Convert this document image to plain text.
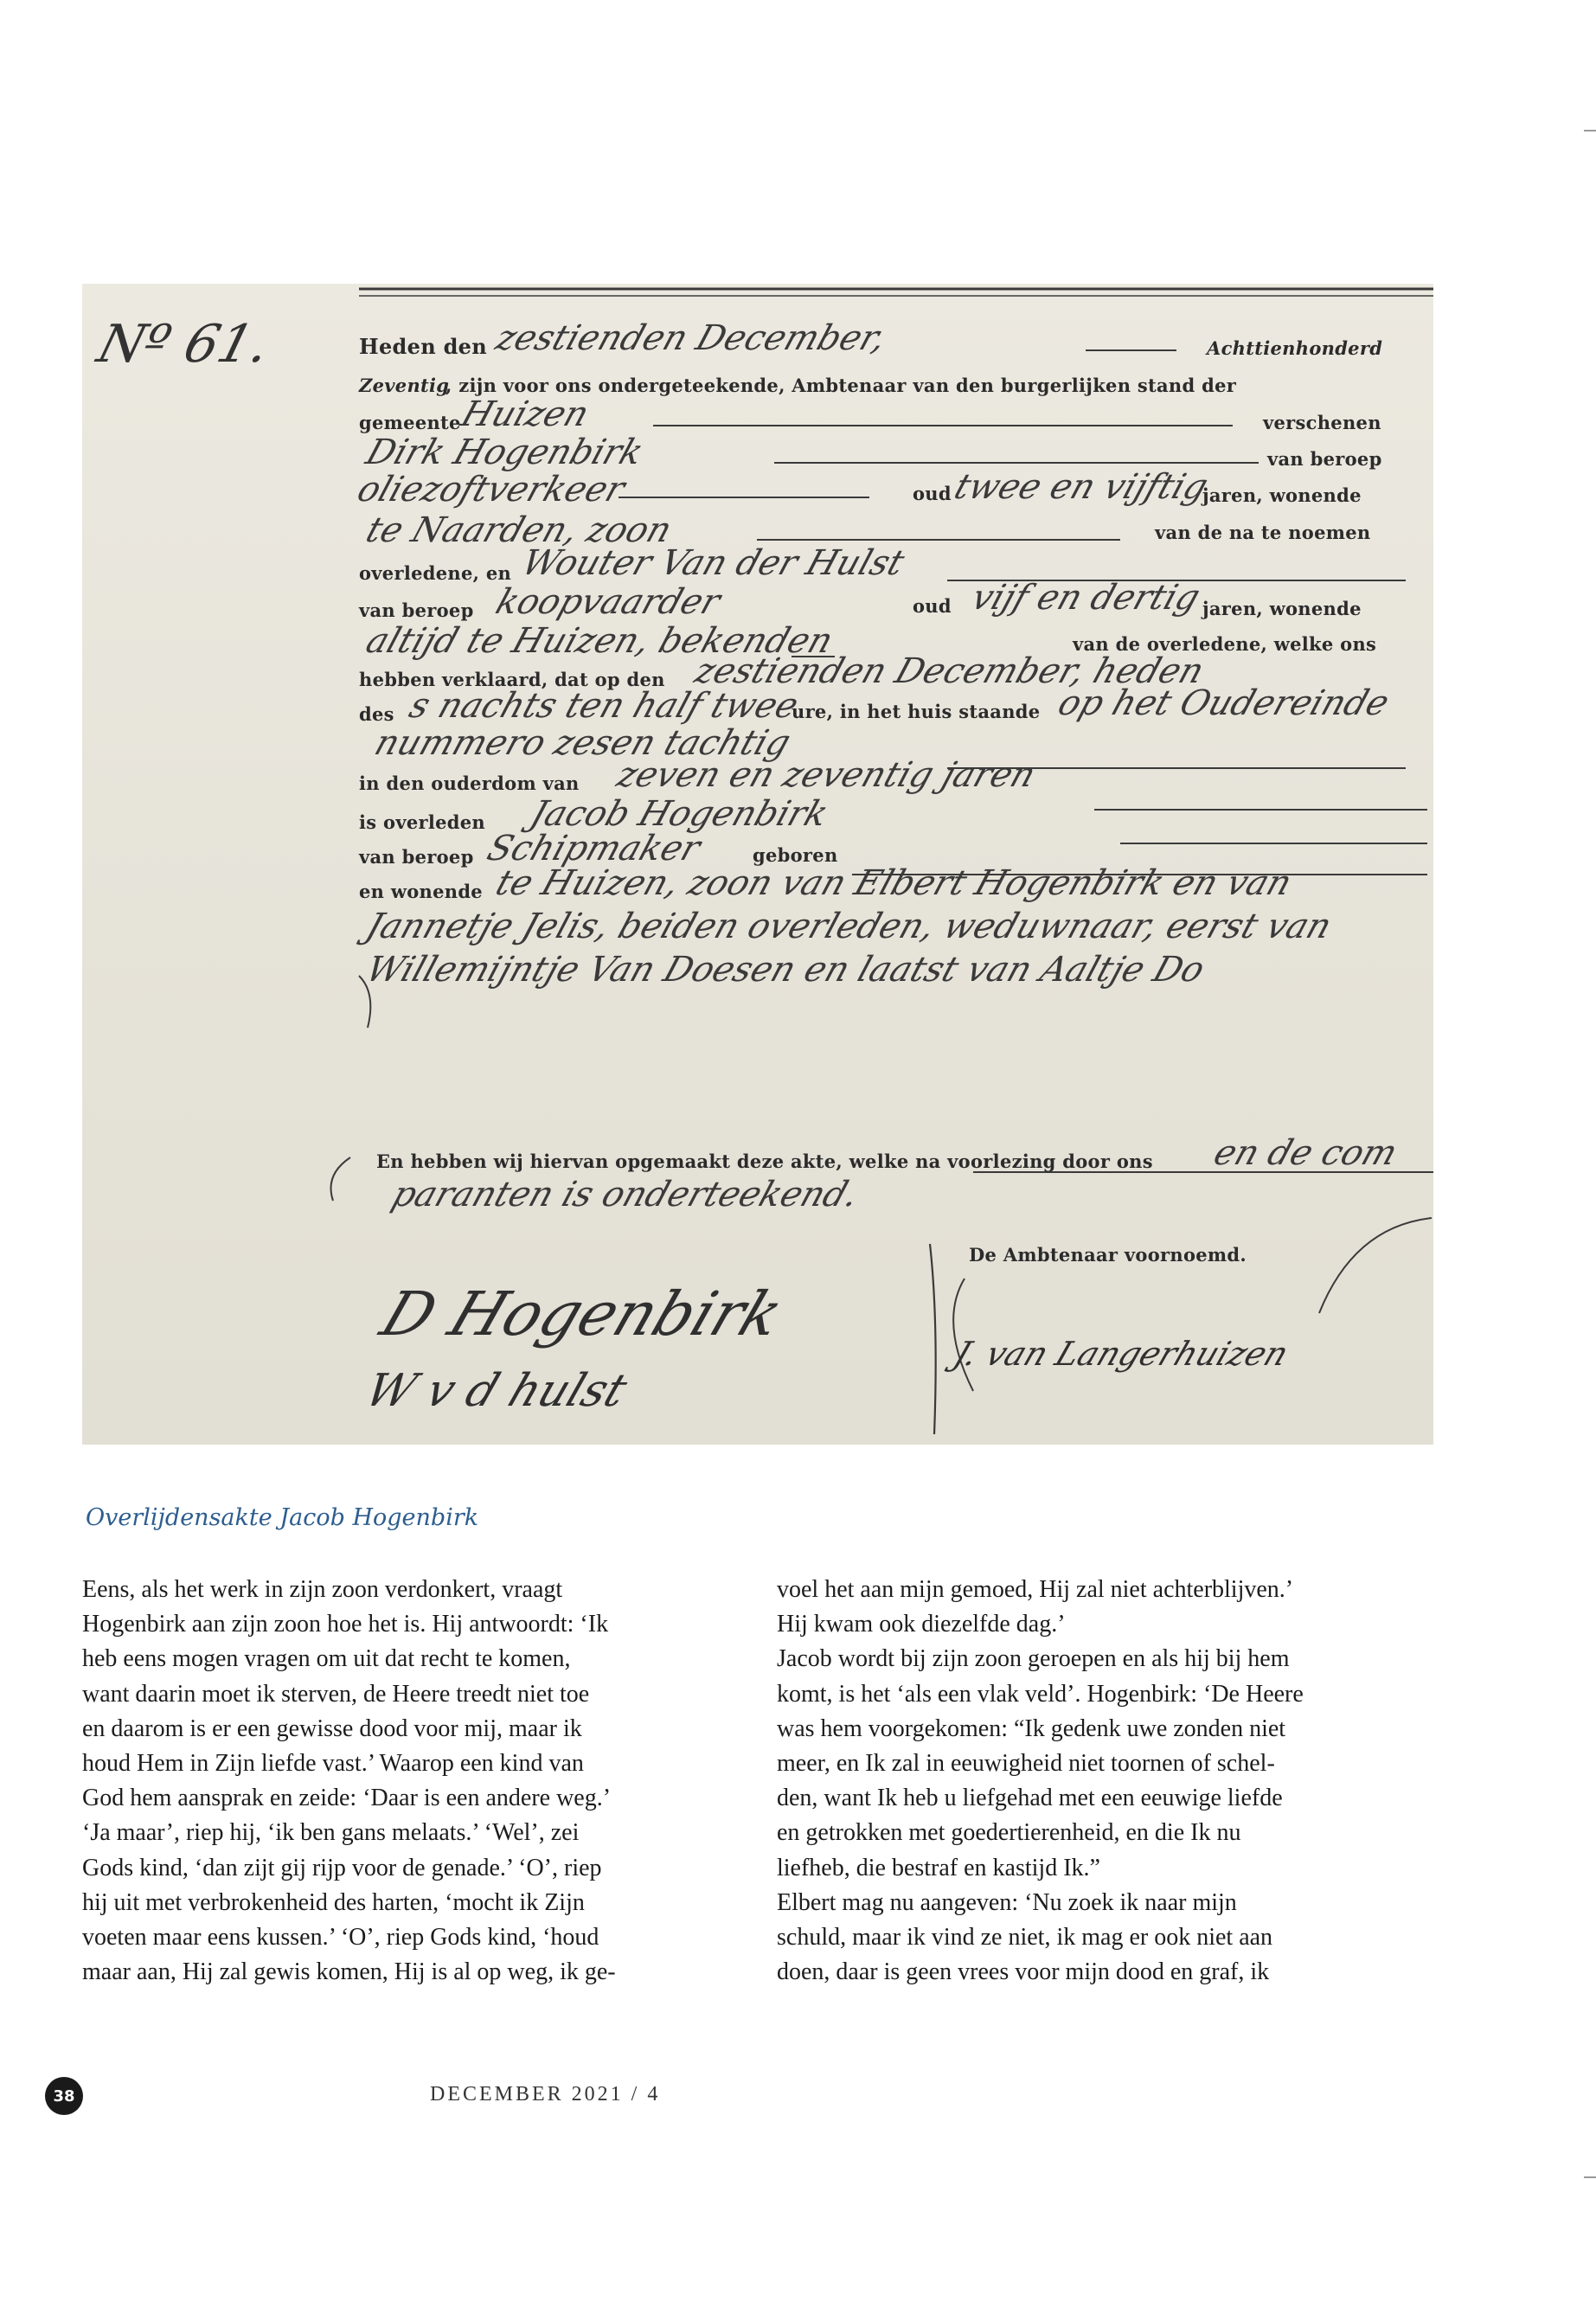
Nº 61.	Heden den zestienden December,	Achttienhonderd
Zeventig
, zijn voor ons ondergeteekende, Ambtenaar van den burgerlijken stand der
gemeente
Huizen	verschenen
Dirk Hogenbirk	van beroep
oliezoftverkeer	oud
twee en vijftig
jaren, wonende
te Naarden, zoon	van de na te noemen
overledene, en Wouter Van der Hulst
van beroep koopvaarder	oud vijf en dertig
jaren, wonende
altijd te Huizen, bekenden	van de overledene, welke ons
hebben verklaard, dat op den zestienden December, heden
des s nachts ten half twee
ure, in het huis staande op het Oudereinde
nummero zesen tachtig
in den ouderdom van zeven en zeventig jaren
is overleden Jacob Hogenbirk
van beroep Schipmaker	geboren
en wonende te Huizen, zoon van Elbert Hogenbirk en van
Jannetje Jelis, beiden overleden, weduwnaar, eerst van
Willemijntje Van Doesen en laatst van Aaltje Do
En hebben wij hiervan opgemaakt deze akte, welke na voorlezing door ons en de com
paranten is onderteekend.
De Ambtenaar voornoemd.
D Hogenbirk
W v d hulst
J. van Langerhuizen
Overlijdensakte Jacob Hogenbirk

Eens, als het werk in zijn zoon verdonkert, vraagt

Hogenbirk aan zijn zoon hoe het is. Hij antwoordt: ‘Ik

heb eens mogen vragen om uit dat recht te komen,

want daarin moet ik sterven, de Heere treedt niet toe

en daarom is er een gewisse dood voor mij, maar ik

houd Hem in Zijn liefde vast.’ Waarop een kind van

God hem aansprak en zeide: ‘Daar is een andere weg.’

‘Ja maar’, riep hij, ‘ik ben gans melaats.’ ‘Wel’, zei

Gods kind, ‘dan zijt gij rijp voor de genade.’ ‘O’, riep

hij uit met verbrokenheid des harten, ‘mocht ik Zijn

voeten maar eens kussen.’ ‘O’, riep Gods kind, ‘houd

maar aan, Hij zal gewis komen, Hij is al op weg, ik ge-

voel het aan mijn gemoed, Hij zal niet achterblijven.’

Hij kwam ook diezelfde dag.’

Jacob wordt bij zijn zoon geroepen en als hij bij hem

komt, is het ‘als een vlak veld’. Hogenbirk: ‘De Heere

was hem voorgekomen: “Ik gedenk uwe zonden niet

meer, en Ik zal in eeuwigheid niet toornen of schel-

den, want Ik heb u liefgehad met een eeuwige liefde

en getrokken met goedertierenheid, en die Ik nu

liefheb, die bestraf en kastijd Ik.”

Elbert mag nu aangeven: ‘Nu zoek ik naar mijn

schuld, maar ik vind ze niet, ik mag er ook niet aan

doen, daar is geen vrees voor mijn dood en graf, ik

38	DECEMBER 2021 / 4
